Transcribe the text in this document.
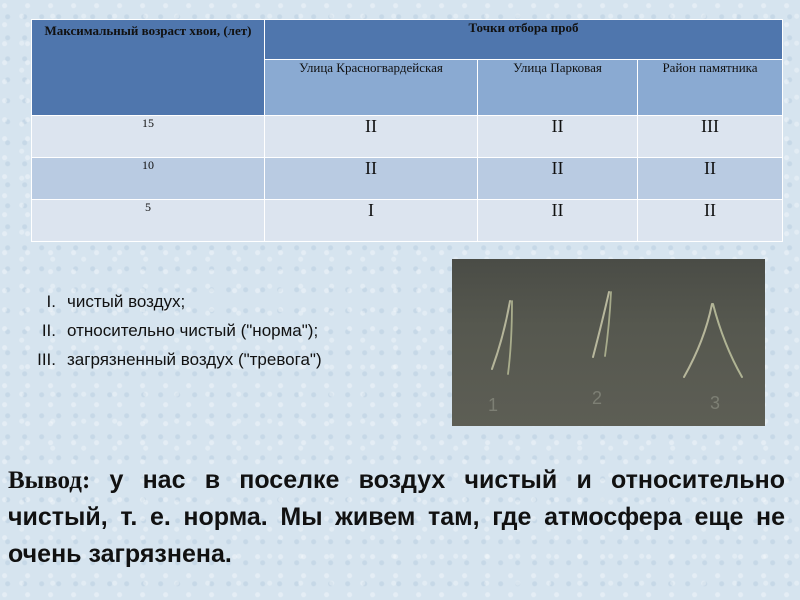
Максимальный возраст хвои, (лет)	Точки отбора проб		
	Улица Красногвардейская	Улица Парковая	Район памятника
15	II	II	III
10	II	II	II
5	I	II	II
I. чистый воздух;
II. относительно чистый ("норма");
III. загрязненный воздух ("тревога")
1	2	3
Вывод: у нас в поселке воздух чистый и относительно чистый, т. е. норма. Мы живем там, где атмосфера еще не очень загрязнена.
